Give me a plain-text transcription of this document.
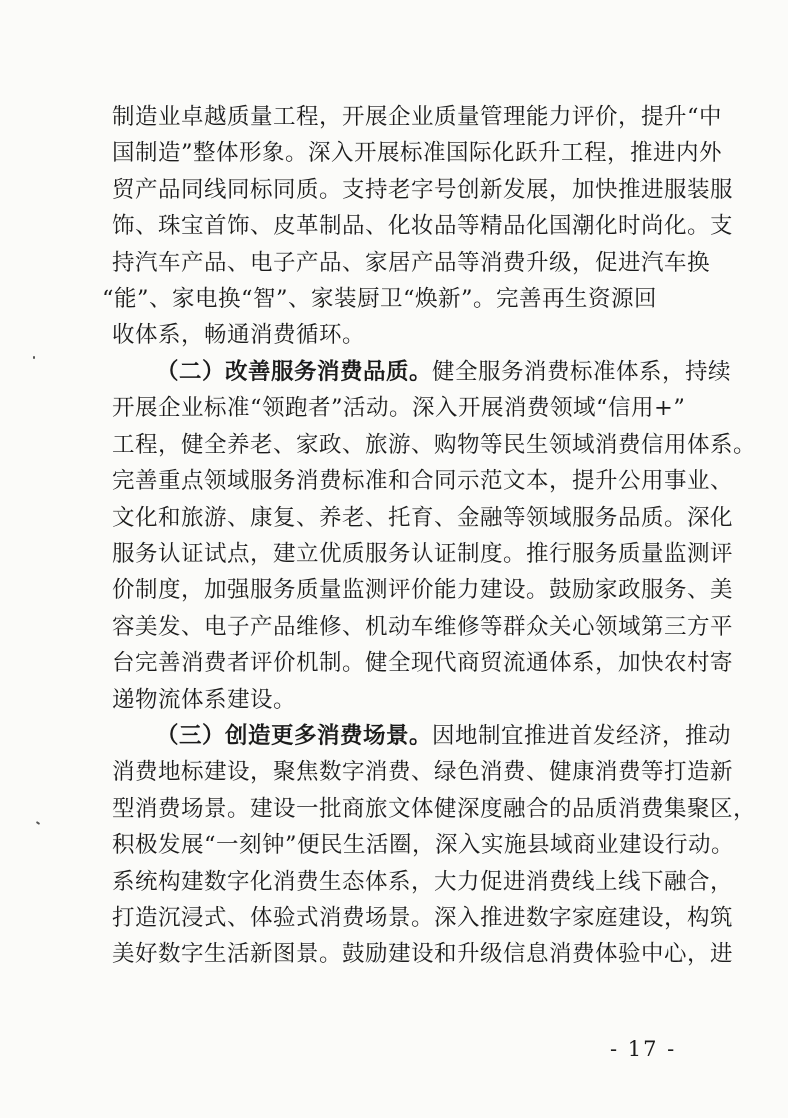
制造业卓越质量工程，开展企业质量管理能力评价，提升“中
国制造”整体形象。深入开展标准国际化跃升工程，推进内外
贸产品同线同标同质。支持老字号创新发展，加快推进服装服
饰、珠宝首饰、皮革制品、化妆品等精品化国潮化时尚化。支
持汽车产品、电子产品、家居产品等消费升级，促进汽车换
“能”、家电换“智”、家装厨卫“焕新”。完善再生资源回
收体系，畅通消费循环。
（二）改善服务消费品质。健全服务消费标准体系，持续
开展企业标准“领跑者”活动。深入开展消费领域“信用+”
工程，健全养老、家政、旅游、购物等民生领域消费信用体系。
完善重点领域服务消费标准和合同示范文本，提升公用事业、
文化和旅游、康复、养老、托育、金融等领域服务品质。深化
服务认证试点，建立优质服务认证制度。推行服务质量监测评
价制度，加强服务质量监测评价能力建设。鼓励家政服务、美
容美发、电子产品维修、机动车维修等群众关心领域第三方平
台完善消费者评价机制。健全现代商贸流通体系，加快农村寄
递物流体系建设。
（三）创造更多消费场景。因地制宜推进首发经济，推动
消费地标建设，聚焦数字消费、绿色消费、健康消费等打造新
型消费场景。建设一批商旅文体健深度融合的品质消费集聚区，
积极发展“一刻钟”便民生活圈，深入实施县域商业建设行动。
系统构建数字化消费生态体系，大力促进消费线上线下融合，
打造沉浸式、体验式消费场景。深入推进数字家庭建设，构筑
美好数字生活新图景。鼓励建设和升级信息消费体验中心，进
- 17 -
